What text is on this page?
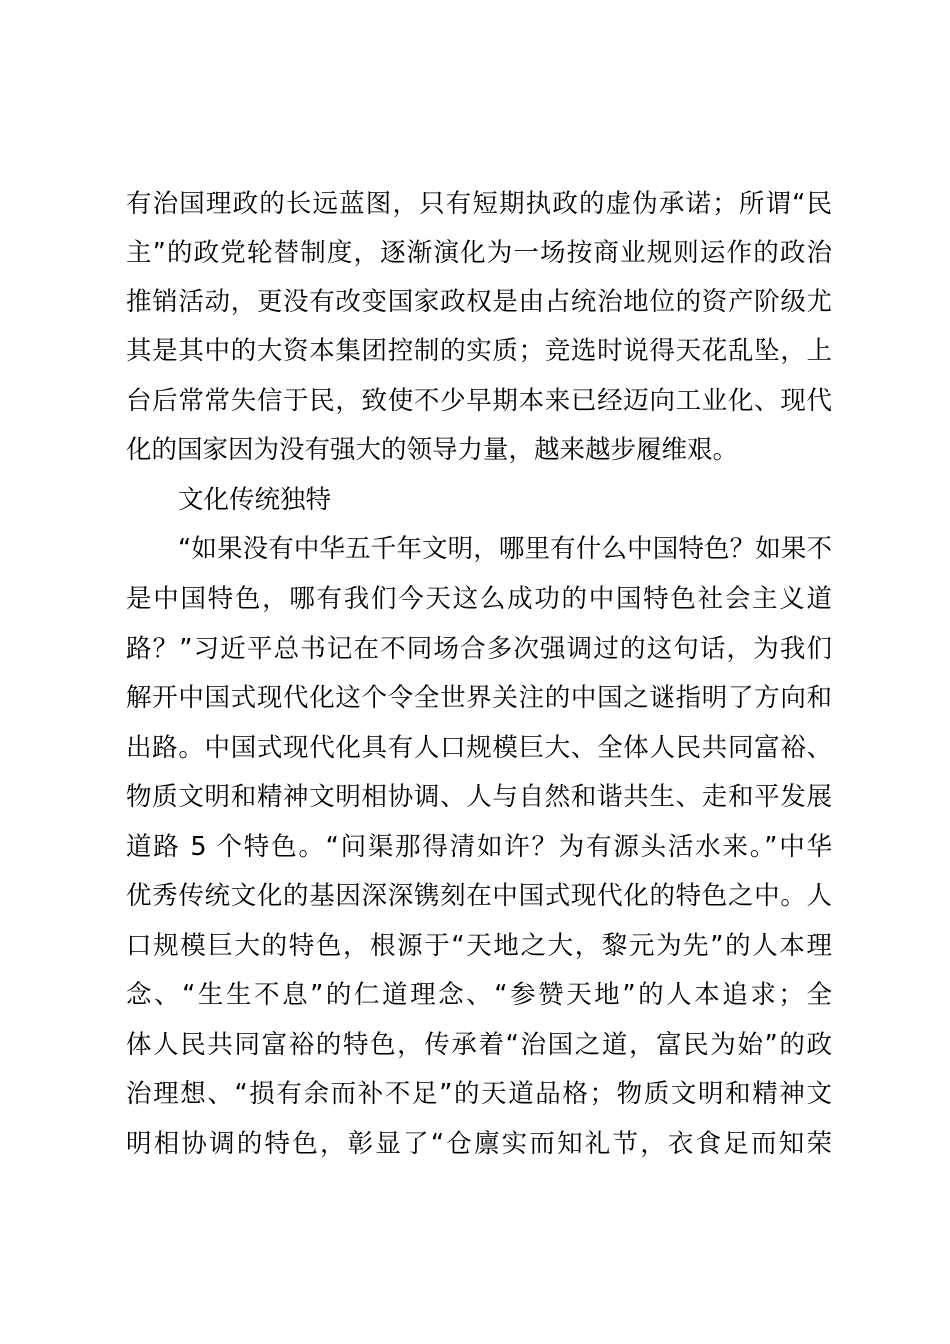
有治国理政的长远蓝图，只有短期执政的虚伪承诺；所谓“民
主”的政党轮替制度，逐渐演化为一场按商业规则运作的政治
推销活动，更没有改变国家政权是由占统治地位的资产阶级尤
其是其中的大资本集团控制的实质；竞选时说得天花乱坠，上
台后常常失信于民，致使不少早期本来已经迈向工业化、现代
化的国家因为没有强大的领导力量，越来越步履维艰。
文化传统独特
“如果没有中华五千年文明，哪里有什么中国特色？如果不
是中国特色，哪有我们今天这么成功的中国特色社会主义道
路？”习近平总书记在不同场合多次强调过的这句话，为我们
解开中国式现代化这个令全世界关注的中国之谜指明了方向和
出路。中国式现代化具有人口规模巨大、全体人民共同富裕、
物质文明和精神文明相协调、人与自然和谐共生、走和平发展
道路 5 个特色。“问渠那得清如许？为有源头活水来。”中华
优秀传统文化的基因深深镌刻在中国式现代化的特色之中。人
口规模巨大的特色，根源于“天地之大，黎元为先”的人本理
念、“生生不息”的仁道理念、“参赞天地”的人本追求；全
体人民共同富裕的特色，传承着“治国之道，富民为始”的政
治理想、“损有余而补不足”的天道品格；物质文明和精神文
明相协调的特色，彰显了“仓廪实而知礼节，衣食足而知荣
